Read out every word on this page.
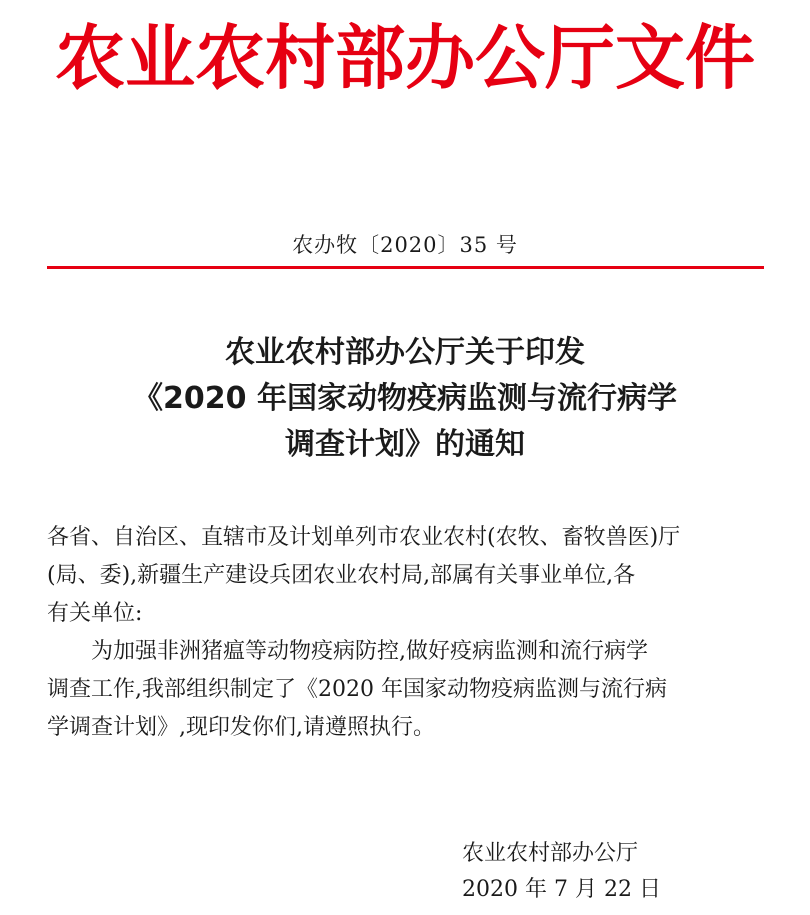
农业农村部办公厅文件
农办牧〔2020〕35 号
农业农村部办公厅关于印发
《2020 年国家动物疫病监测与流行病学
调查计划》的通知
各省、自治区、直辖市及计划单列市农业农村(农牧、畜牧兽医)厅
(局、委),新疆生产建设兵团农业农村局,部属有关事业单位,各
有关单位:
为加强非洲猪瘟等动物疫病防控,做好疫病监测和流行病学
调查工作,我部组织制定了《2020 年国家动物疫病监测与流行病
学调查计划》,现印发你们,请遵照执行。
农业农村部办公厅
2020 年 7 月 22 日
